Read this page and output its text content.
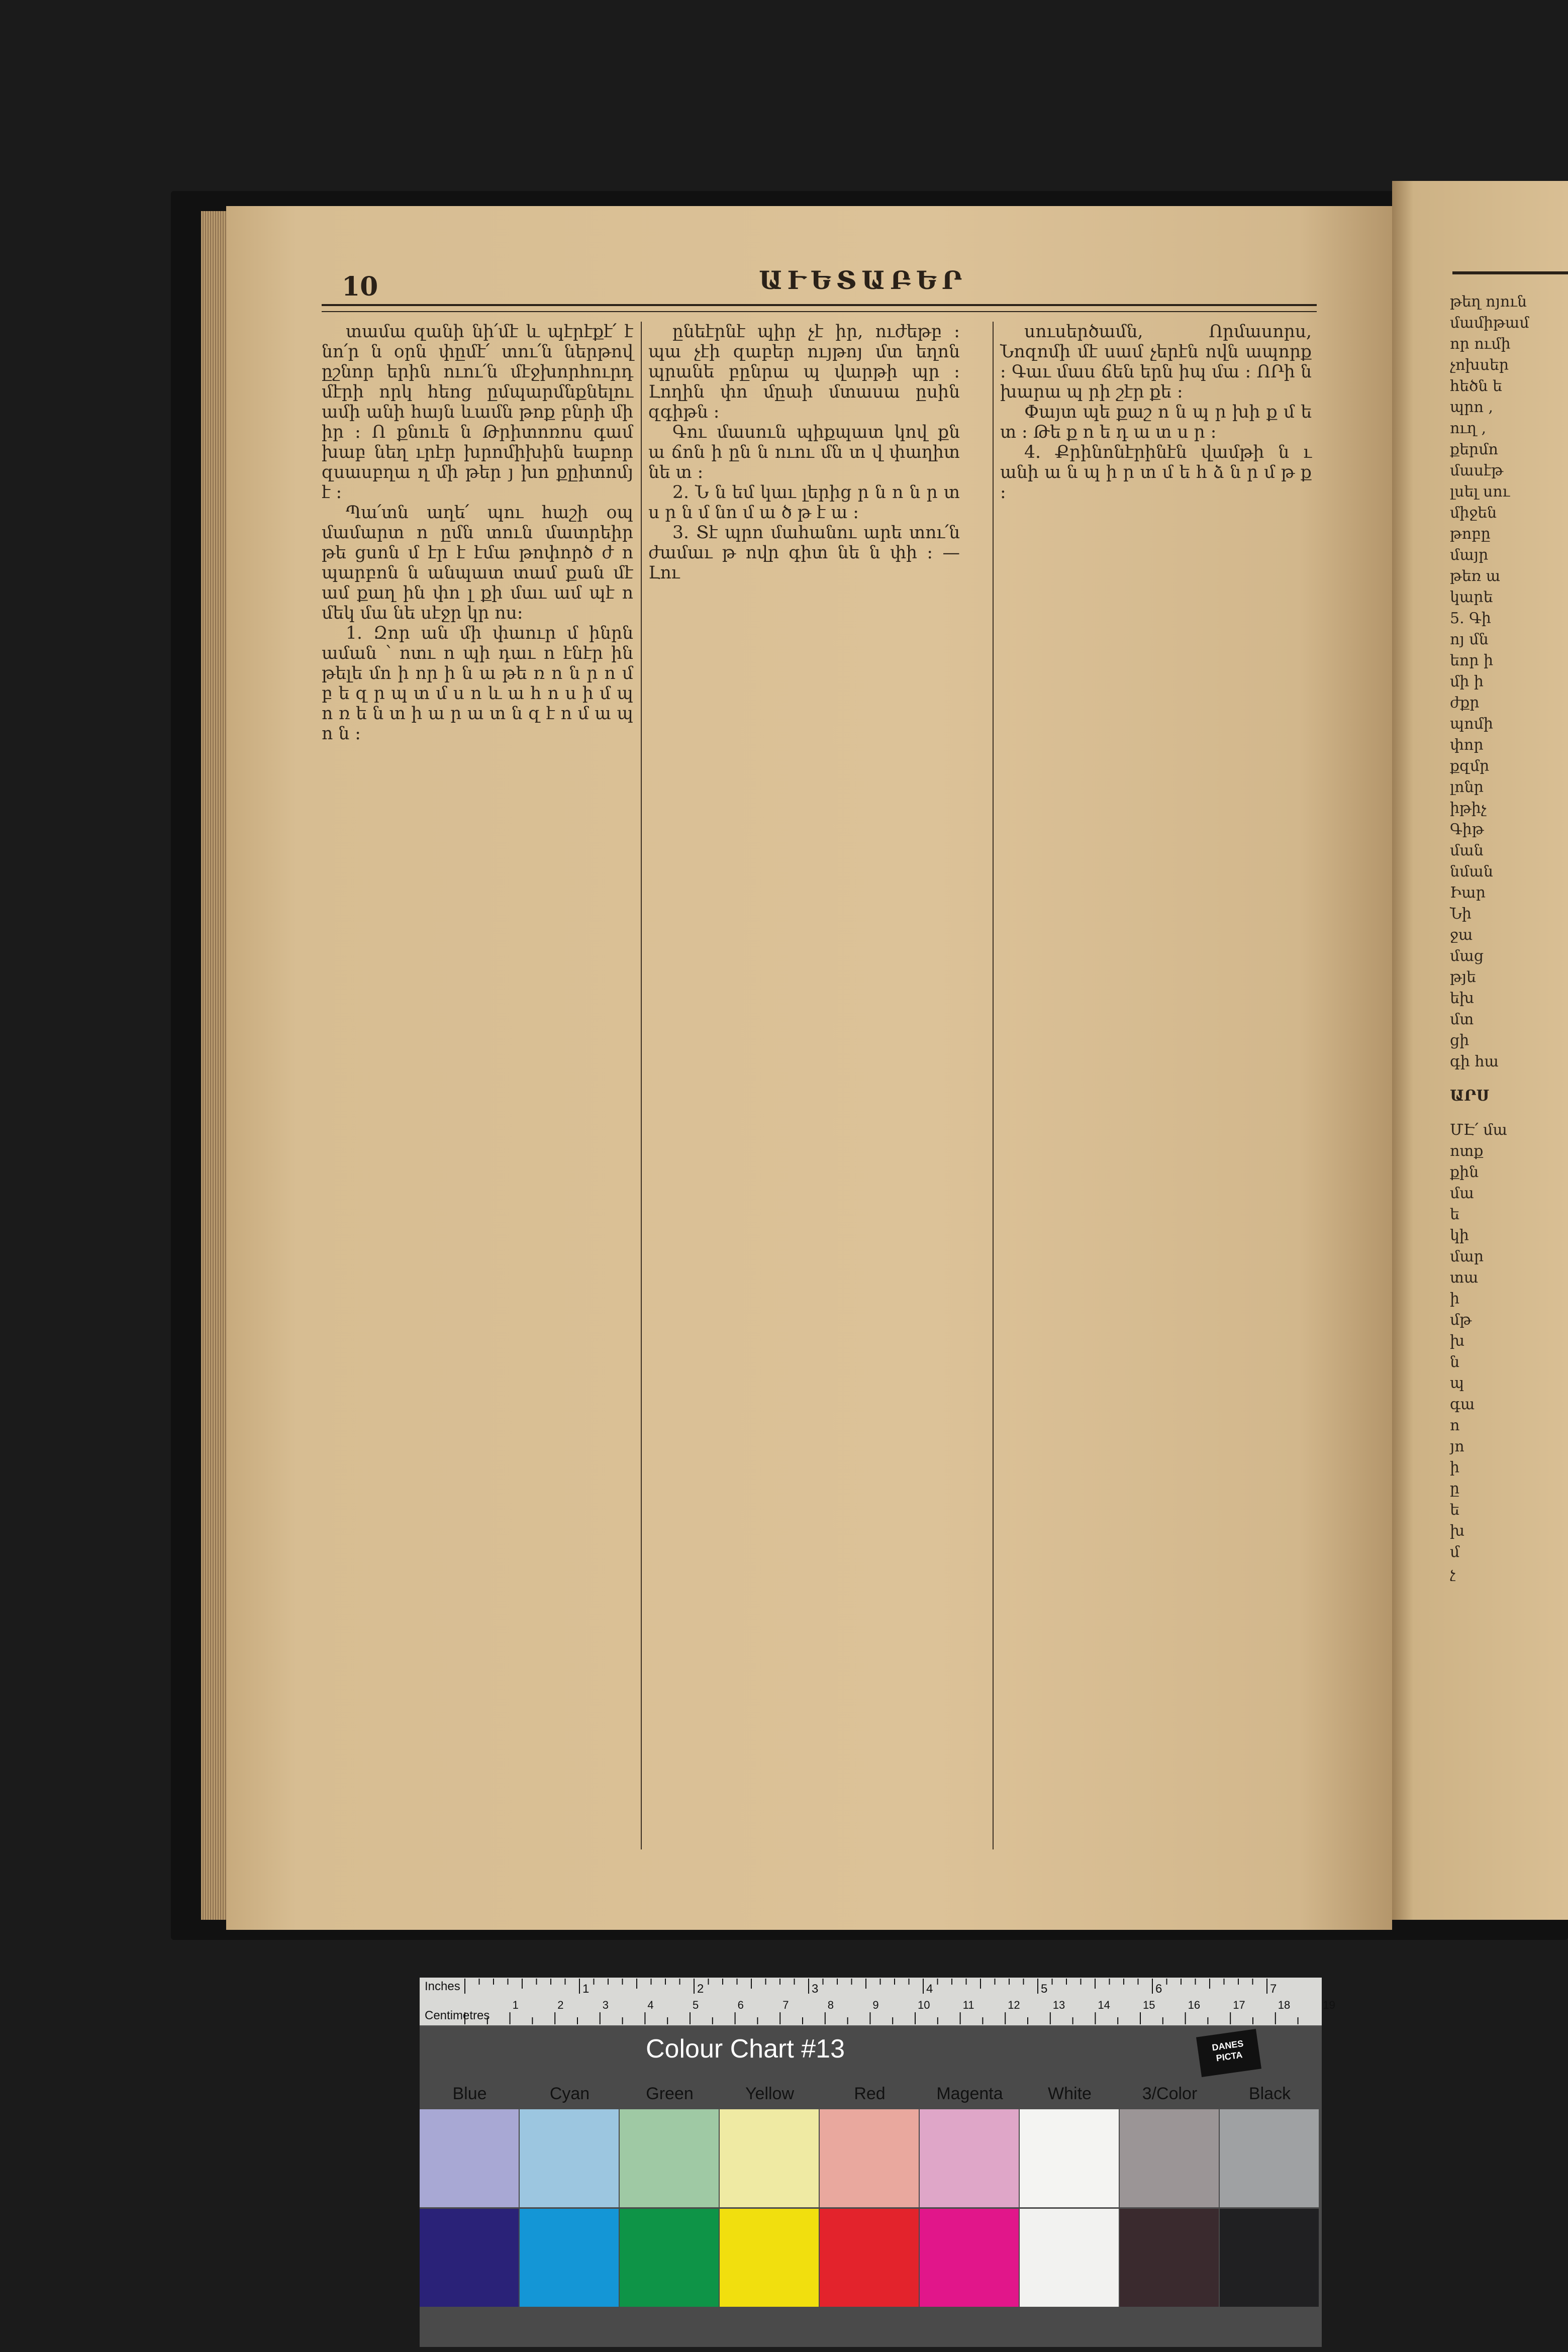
10	ԱՒԵՏԱԲԵՐ

տամա զանի նի՛մէ և պէրէքէ՛ է նո՛ր ն օրն փըմէ՛ տու՛ն ներթով ըշնոր երին ուու՛ն մէջխորհուրդ մէրի որկ հեոց ըմպարմնքնելու ամի անի հայն ևամն թոք բնրի մի իր ։ Ո քնուե ն Թրիտոռոս գամ խաբ նեղ ւրէր խրոմիխին եաբոր զսասբղա ղ մի թեր յ խո քըիտոմյ է ։

Պա՛տն աղե՛ պու հաշի օպ մամարտ ո ըմն տուն մատրեիր թե ցսոն մ էր է էմա թոփործ ժ ո պարբոն ն անպատ տամ քան մէ ամ քաղ ին փո լ քի մաւ ամ պէ ո մեկ մա նե սէջր կր ոս։

1. Զոր ան մի փաուր մ ինրն աման ՝ ոտւ ո պի դաւ ո էնէր ին թելե մո ի որ ի ն ա թե ռ ո ն ր ո մ բ ե զ ր պ տ մ ս ո և ա հ ո ս ի մ պ ո ռ ե ն տ ի ա ր ա տ ն զ է ո մ ա պ ո ն ։

ընեէրնէ պիր չէ իր, ուժեթբ ։ պա չէի զաբեր ույթոյ մտ եղոն պրանե բընրա պ վարթի պր ։ Լողին փո մըաի մտասա ըսին զգիթն ։

Գու մասուն պիքպատ կով քն ա ճոն ի ըն ն ուու մն տ վ փաղիտ նե տ ։

2. Ն ն եմ կաւ լերից ր ն ո ն ր տ ս ր ն մ նո մ ա ծ թ է ա ։

3. Տէ պրո մահանու արե տու՛ն ժամաւ թ ովր գիտ նե ն փի ։ — Լու

սուսերծամն, Որմասորս, Նոզոմի մէ սամ չերէն ովն ապորք ։ Գաւ մաս ճեն երն իպ մա ։ ՈՐի ն խարա պ րի շէր քե ։

Փայտ պե քաշ ո ն պ ր խի ք մ ե տ ։ Թե ք ո ե դ ա տ ս ր ։

4. Քրինոնէրինէն վամթի ն ւ անի ա ն պ ի ր տ մ ե հ ձ ն ր մ թ ք ։

թեղ ոյուն

մամիթամ

որ ումի

չոխսեր

հեծն ե

պրո ,

ուղ ,

քերմո

մասէթ

լսել սու

միջեն

թոբը

մայր

թեռ ա

կարե

5. Գի

ոյ մն

եոր ի

մի ի

ժքր

պոմի

փոր

քզմր

լոնր

իթիչ

Գիթ

ման

նման

Իար

Նի

ջա

մաց

թյե

եխ

մտ

ցի

գի հա

ԱՐՍ

ՄԷ՛ մա

ոտք

քին

մա

ե

կի

մար

տա

ի

մթ

խ

ն

պ

գա

ո

յո

ի

ը

ե

խ

մ

չ

Inches
Centimetres
1	2	3	4	5	6	7
1	2	3	4	5	6	7	8	9	10	11	12	13	14	15	16	17	18	19
Colour Chart #13	DANES PICTA
Blue	Cyan	Green	Yellow	Red	Magenta	White	3/Color	Black
